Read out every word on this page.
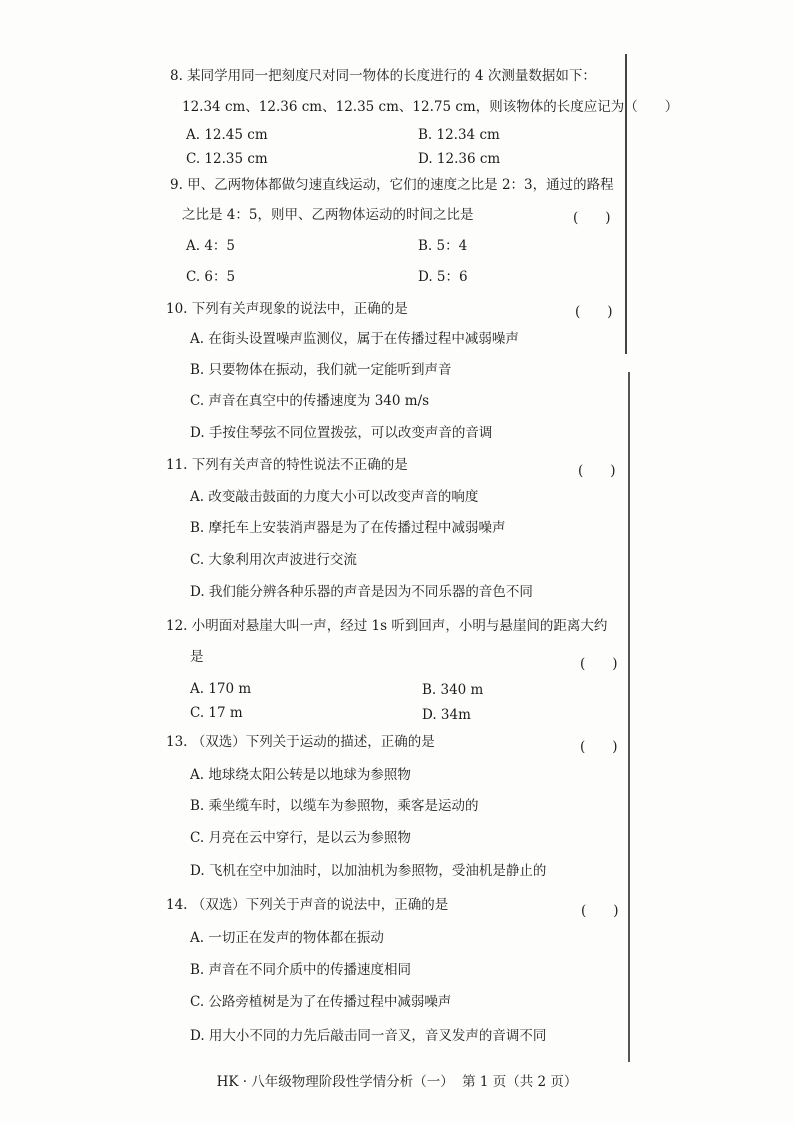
8. 某同学用同一把刻度尺对同一物体的长度进行的 4 次测量数据如下：
12.34 cm、12.36 cm、12.35 cm、12.75 cm，则该物体的长度应记为（　　）
A. 12.45 cm	B. 12.34 cm
C. 12.35 cm	D. 12.36 cm
9. 甲、乙两物体都做匀速直线运动，它们的速度之比是 2：3，通过的路程
之比是 4：5，则甲、乙两物体运动的时间之比是	(　　)
A. 4：5	B. 5：4
C. 6：5	D. 5：6
10. 下列有关声现象的说法中，正确的是	(　　)
A. 在街头设置噪声监测仪，属于在传播过程中减弱噪声
B. 只要物体在振动，我们就一定能听到声音
C. 声音在真空中的传播速度为 340 m/s
D. 手按住琴弦不同位置拨弦，可以改变声音的音调
11. 下列有关声音的特性说法不正确的是	(　　)
A. 改变敲击鼓面的力度大小可以改变声音的响度
B. 摩托车上安装消声器是为了在传播过程中减弱噪声
C. 大象利用次声波进行交流
D. 我们能分辨各种乐器的声音是因为不同乐器的音色不同
12. 小明面对悬崖大叫一声，经过 1s 听到回声，小明与悬崖间的距离大约
是	(　　)
A. 170 m	B. 340 m
C. 17 m	D. 34m
13. （双选）下列关于运动的描述，正确的是	(　　)
A. 地球绕太阳公转是以地球为参照物
B. 乘坐缆车时，以缆车为参照物，乘客是运动的
C. 月亮在云中穿行，是以云为参照物
D. 飞机在空中加油时，以加油机为参照物，受油机是静止的
14. （双选）下列关于声音的说法中，正确的是	(　　)
A. 一切正在发声的物体都在振动
B. 声音在不同介质中的传播速度相同
C. 公路旁植树是为了在传播过程中减弱噪声
D. 用大小不同的力先后敲击同一音叉，音叉发声的音调不同
HK · 八年级物理阶段性学情分析（一） 第 1 页（共 2 页）
